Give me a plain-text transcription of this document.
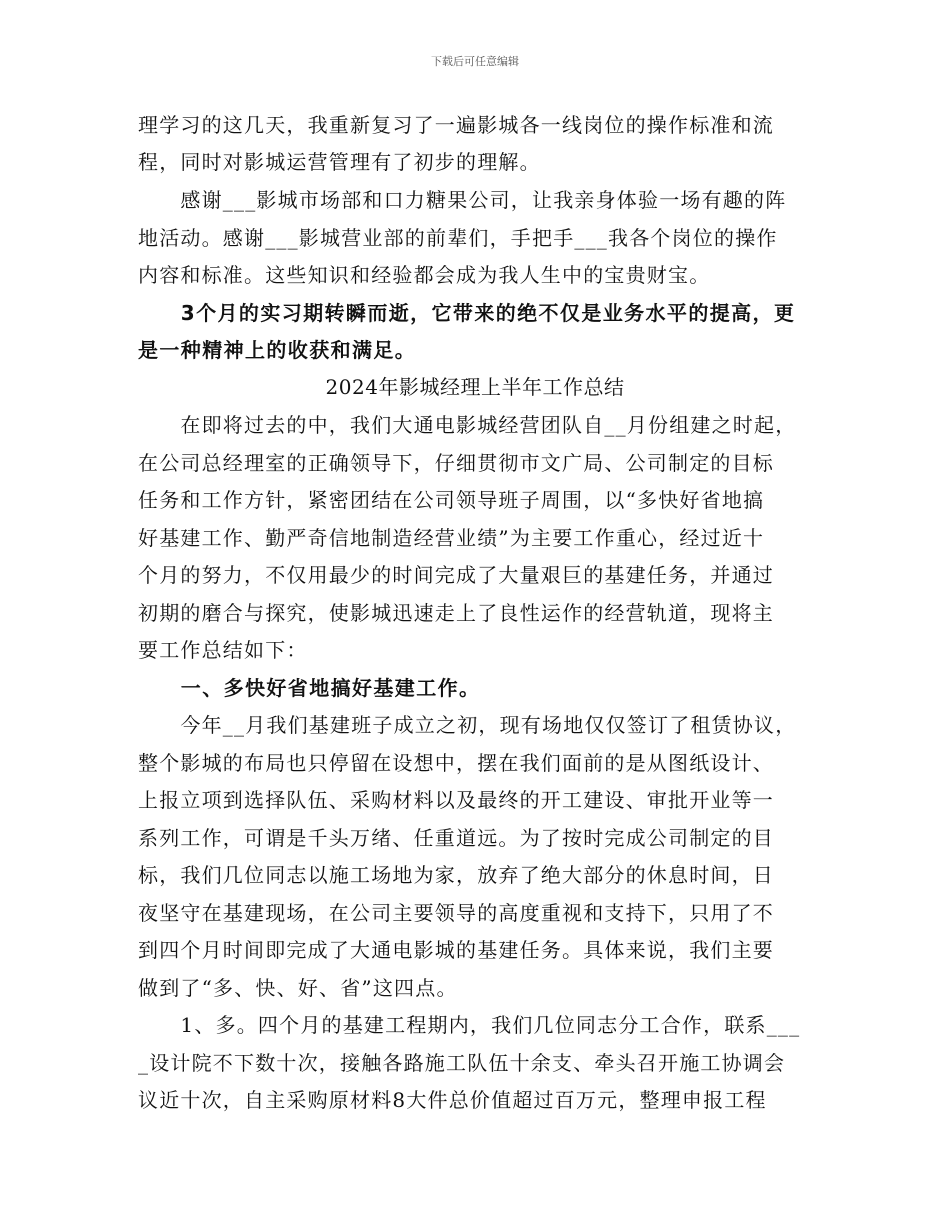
下载后可任意编辑
理学习的这几天，我重新复习了一遍影城各一线岗位的操作标准和流
程，同时对影城运营管理有了初步的理解。
　　感谢___影城市场部和口力糖果公司，让我亲身体验一场有趣的阵
地活动。感谢___影城营业部的前辈们，手把手___我各个岗位的操作
内容和标准。这些知识和经验都会成为我人生中的宝贵财宝。
　　3个月的实习期转瞬而逝，它带来的绝不仅是业务水平的提高，更
是一种精神上的收获和满足。
2024年影城经理上半年工作总结
　　在即将过去的中，我们大通电影城经营团队自__月份组建之时起，
在公司总经理室的正确领导下，仔细贯彻市文广局、公司制定的目标
任务和工作方针，紧密团结在公司领导班子周围，以“多快好省地搞
好基建工作、勤严奇信地制造经营业绩”为主要工作重心，经过近十
个月的努力，不仅用最少的时间完成了大量艰巨的基建任务，并通过
初期的磨合与探究，使影城迅速走上了良性运作的经营轨道，现将主
要工作总结如下：
　　一、多快好省地搞好基建工作。
　　今年__月我们基建班子成立之初，现有场地仅仅签订了租赁协议，
整个影城的布局也只停留在设想中，摆在我们面前的是从图纸设计、
上报立项到选择队伍、采购材料以及最终的开工建设、审批开业等一
系列工作，可谓是千头万绪、任重道远。为了按时完成公司制定的目
标，我们几位同志以施工场地为家，放弃了绝大部分的休息时间，日
夜坚守在基建现场，在公司主要领导的高度重视和支持下，只用了不
到四个月时间即完成了大通电影城的基建任务。具体来说，我们主要
做到了“多、快、好、省”这四点。
　　1、多。四个月的基建工程期内，我们几位同志分工合作，联系___
_设计院不下数十次，接触各路施工队伍十余支、牵头召开施工协调会
议近十次，自主采购原材料8大件总价值超过百万元，整理申报工程
